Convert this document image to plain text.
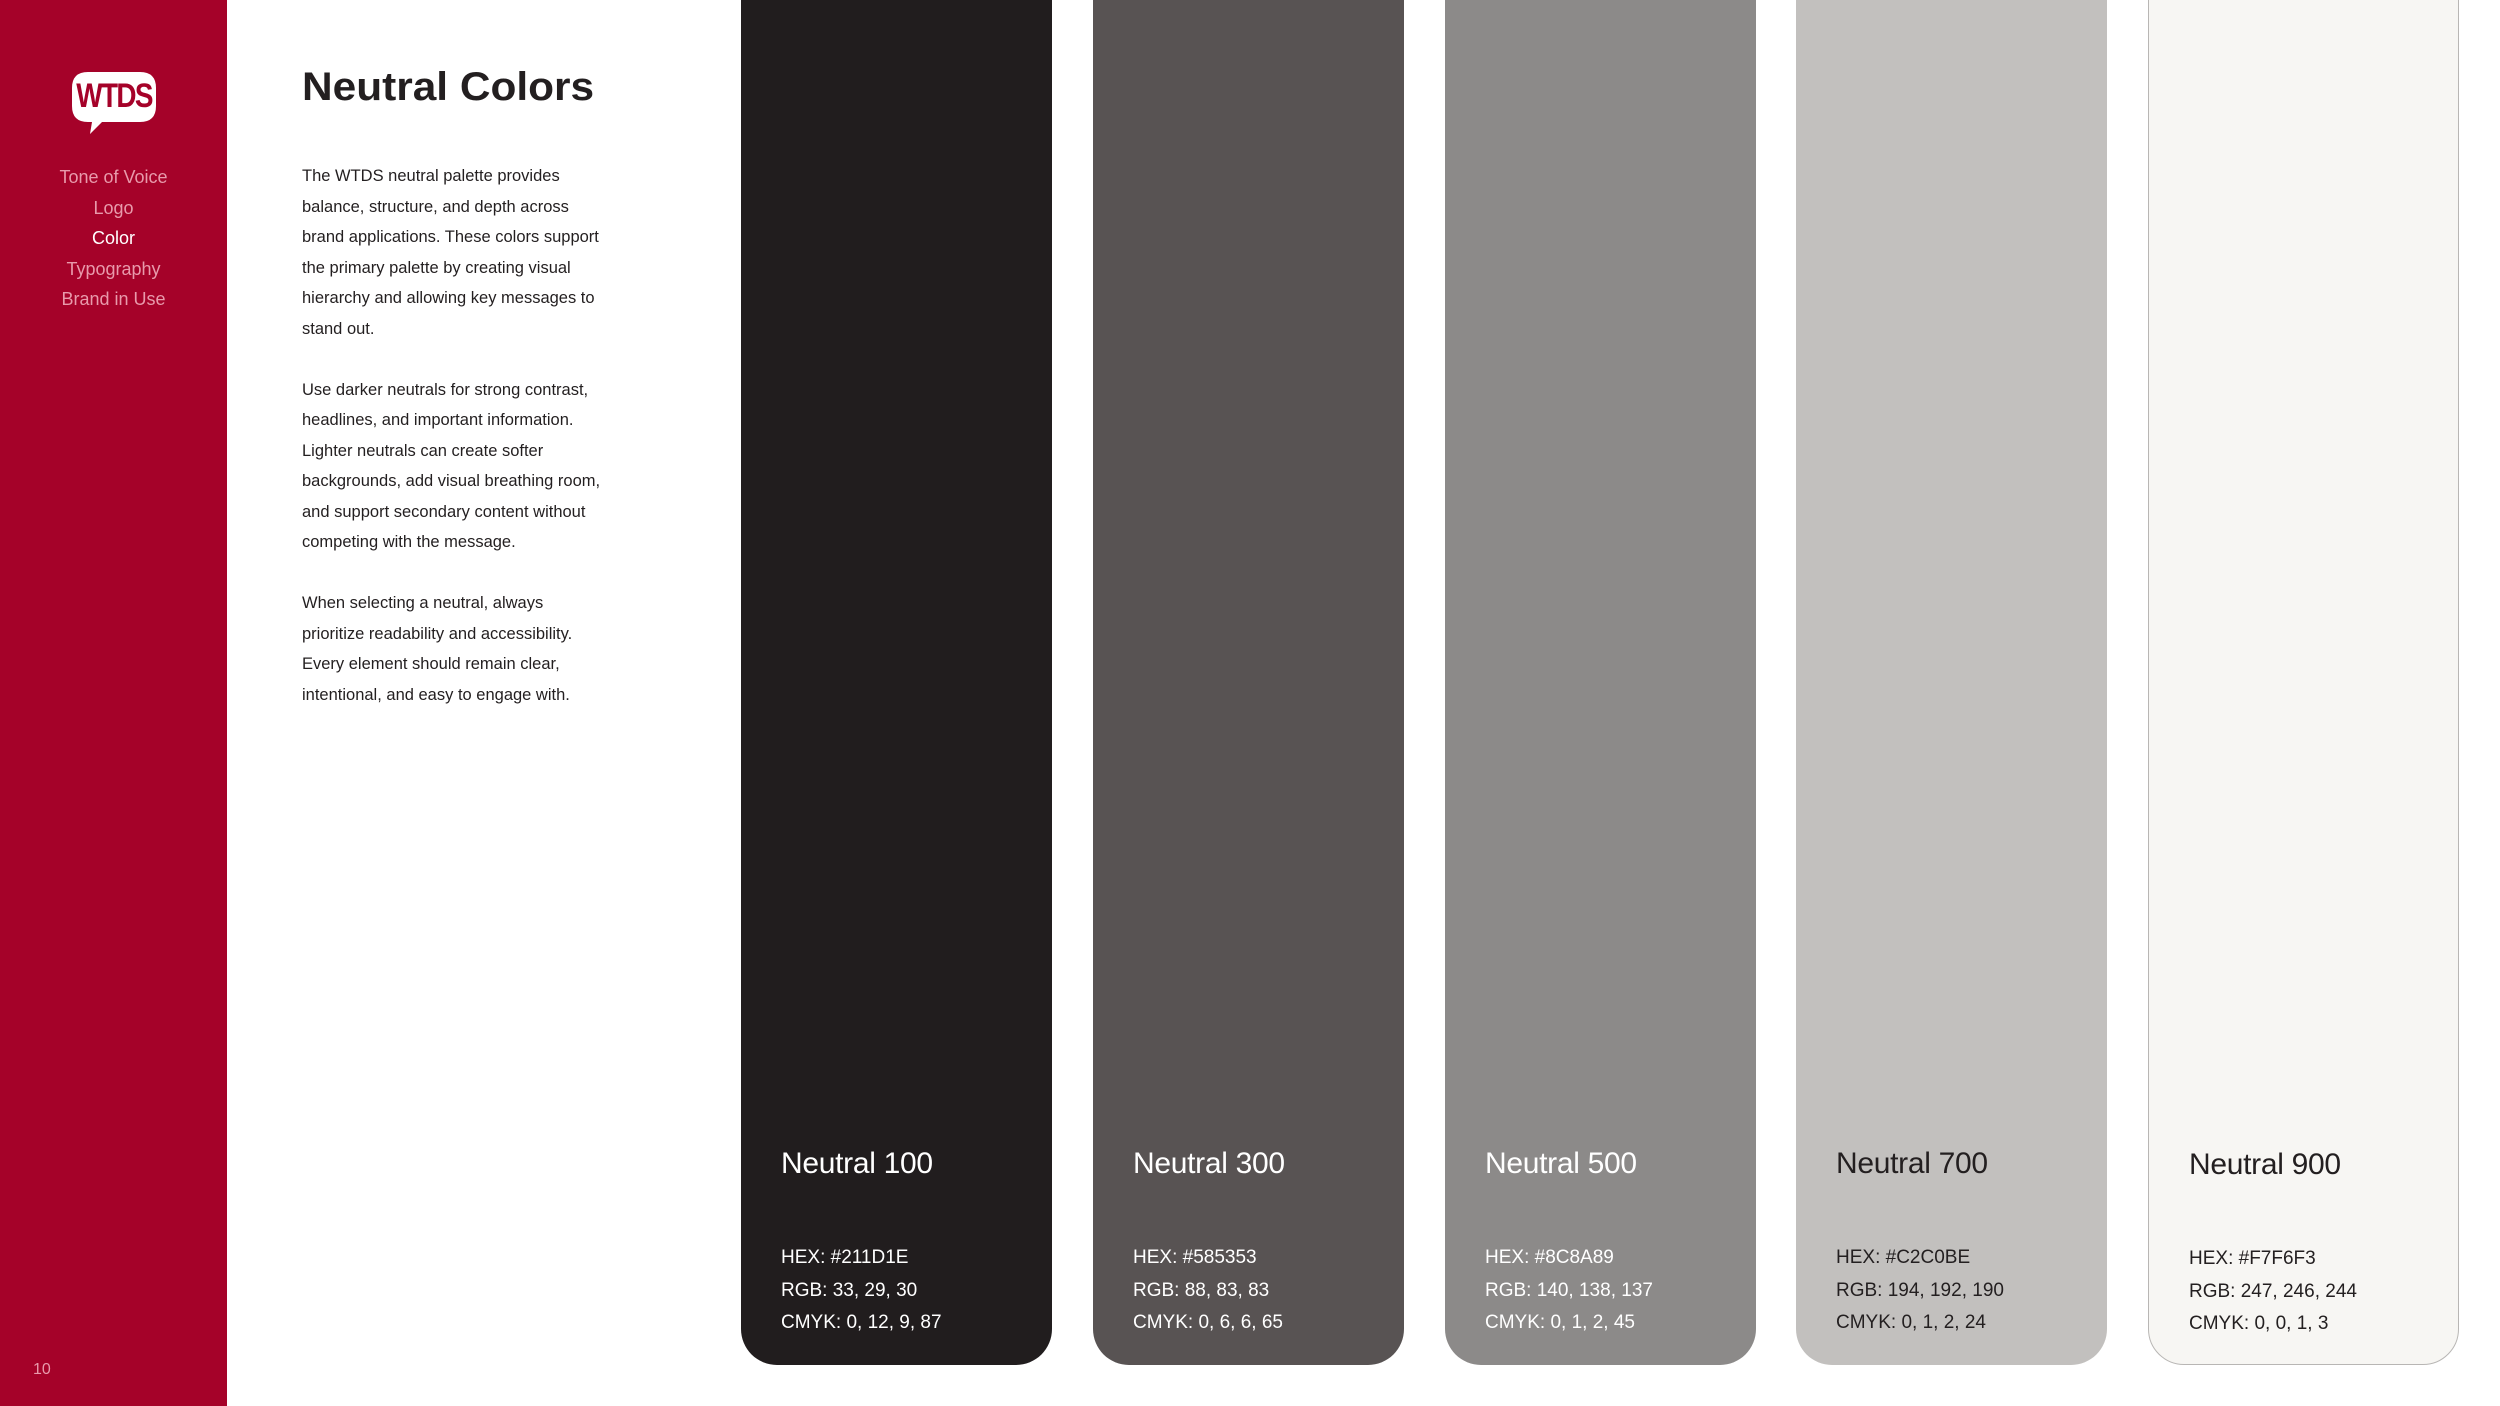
WTDS
Tone of Voice
Logo
Color
Typography
Brand in Use
10
Neutral Colors

The WTDS neutral palette provides balance, structure, and depth across brand applications. These colors support the primary palette by creating visual hierarchy and allowing key messages to stand out.

Use darker neutrals for strong contrast, headlines, and important information. Lighter neutrals can create softer backgrounds, add visual breathing room, and support secondary content without competing with the message.

When selecting a neutral, always prioritize readability and accessibility. Every element should remain clear, intentional, and easy to engage with.

Neutral 100
HEX: #211D1E
RGB: 33, 29, 30
CMYK: 0, 12, 9, 87
Neutral 300
HEX: #585353
RGB: 88, 83, 83
CMYK: 0, 6, 6, 65
Neutral 500
HEX: #8C8A89
RGB: 140, 138, 137
CMYK: 0, 1, 2, 45
Neutral 700
HEX: #C2C0BE
RGB: 194, 192, 190
CMYK: 0, 1, 2, 24
Neutral 900
HEX: #F7F6F3
RGB: 247, 246, 244
CMYK: 0, 0, 1, 3
